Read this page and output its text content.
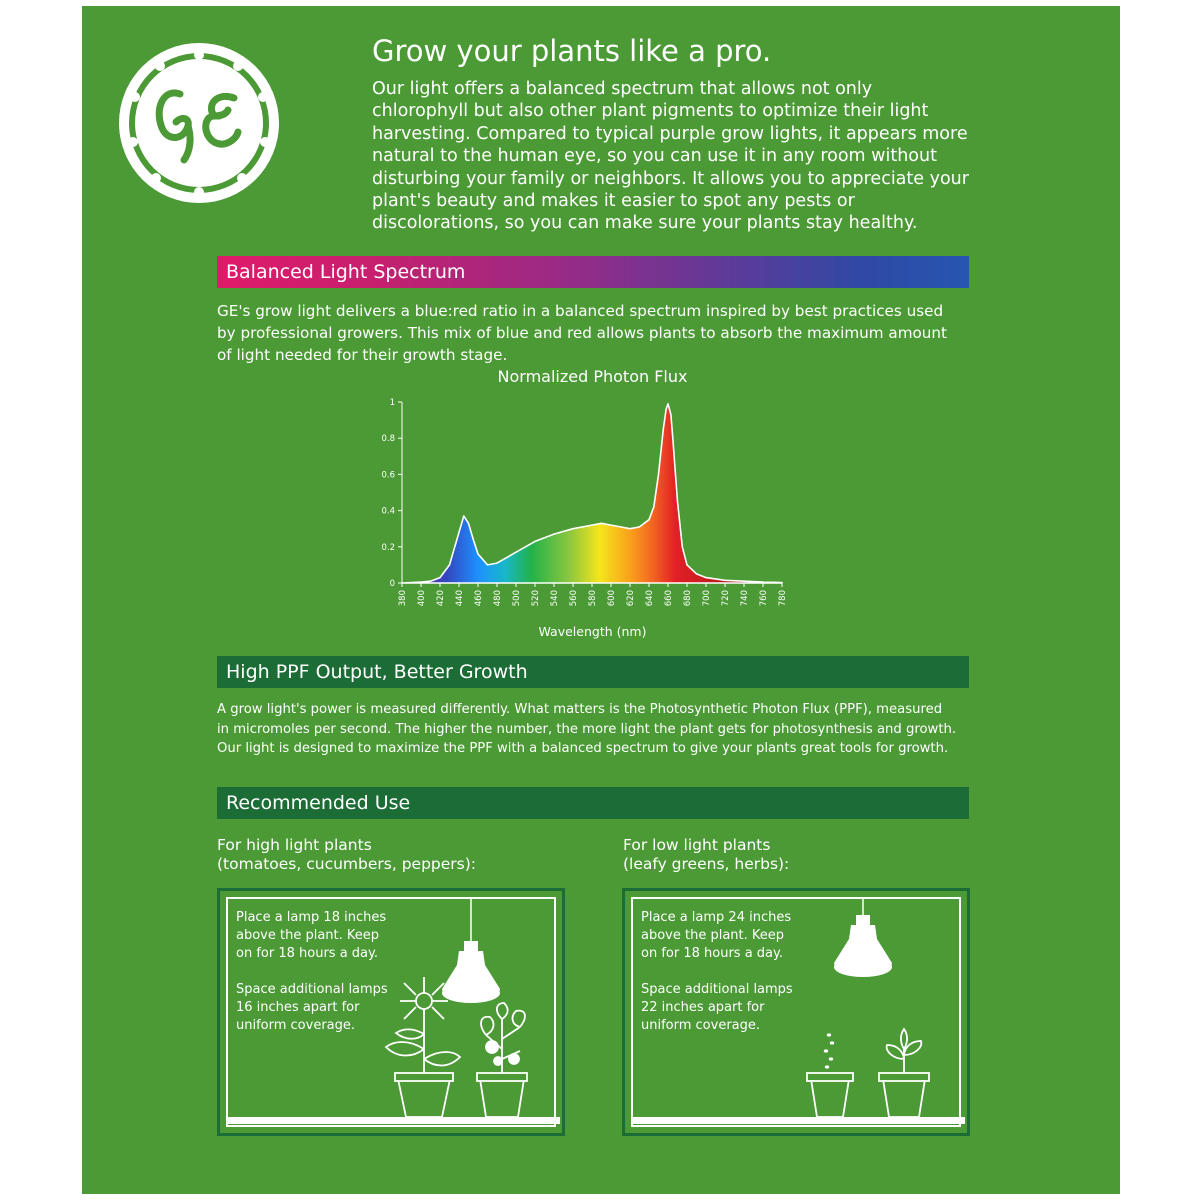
Grow your plants like a pro.
Our light offers a balanced spectrum that allows not only chlorophyll but also other plant pigments to optimize their light harvesting. Compared to typical purple grow lights, it appears more natural to the human eye, so you can use it in any room without disturbing your family or neighbors. It allows you to appreciate your plant's beauty and makes it easier to spot any pests or discolorations, so you can make sure your plants stay healthy.
Balanced Light Spectrum
GE's grow light delivers a blue:red ratio in a balanced spectrum inspired by best practices used by professional growers. This mix of blue and red allows plants to absorb the maximum amount of light needed for their growth stage.
Normalized Photon Flux
0
0.2
0.4
0.6
0.8
1
380 400 420 440 460 480 500 520 540 560 580 600 620 640 660 680 700 720 740 760 780
Wavelength (nm)
High PPF Output, Better Growth
A grow light's power is measured differently. What matters is the Photosynthetic Photon Flux (PPF), measured in micromoles per second. The higher the number, the more light the plant gets for photosynthesis and growth. Our light is designed to maximize the PPF with a balanced spectrum to give your plants great tools for growth.
Recommended Use
For high light plants
(tomatoes, cucumbers, peppers):
For low light plants
(leafy greens, herbs):

Place a lamp 18 inches above the plant. Keep on for 18 hours a day.

Space additional lamps 16 inches apart for uniform coverage.

Place a lamp 24 inches above the plant. Keep on for 18 hours a day.

Space additional lamps 22 inches apart for uniform coverage.
